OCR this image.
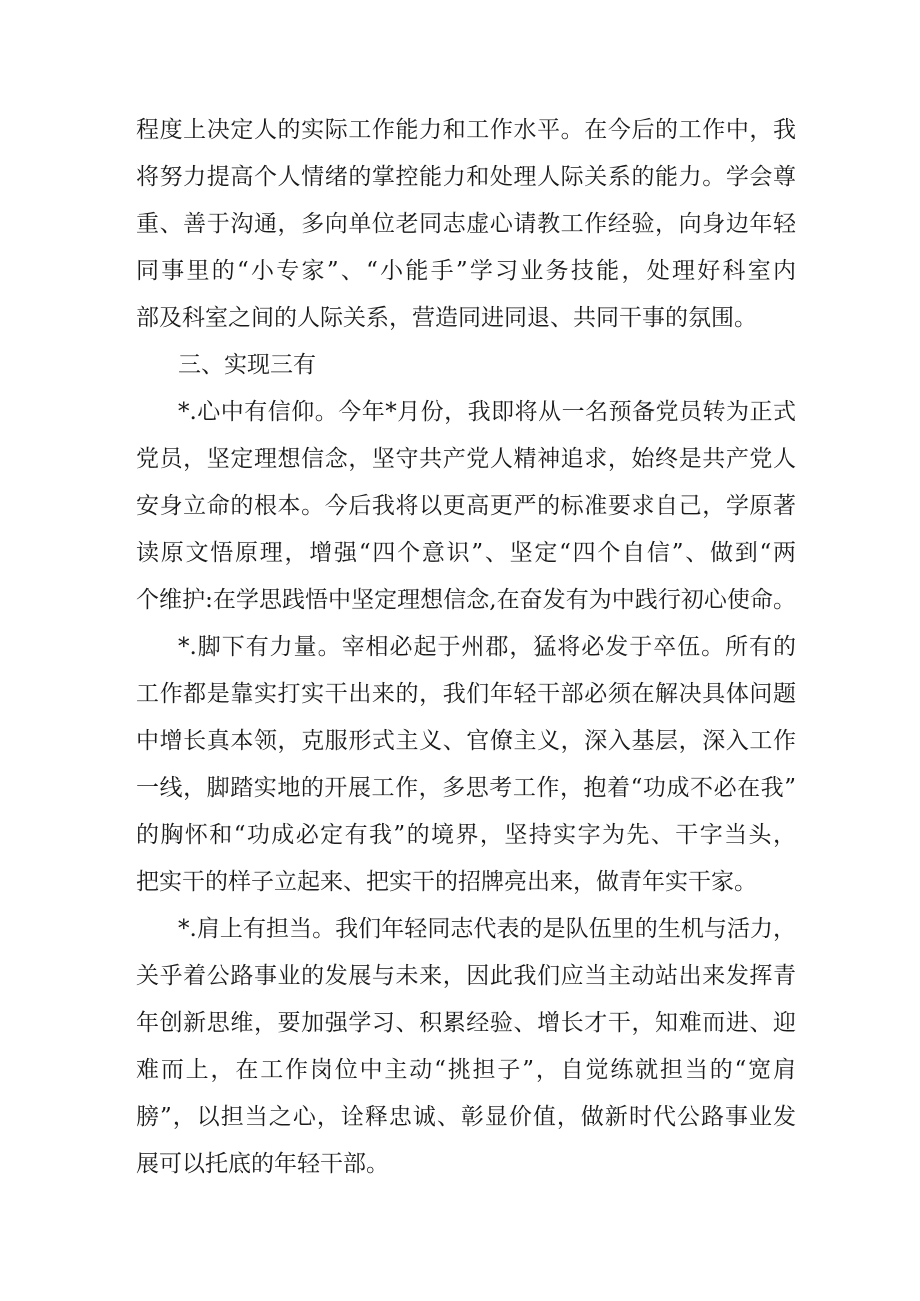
程度上决定人的实际工作能力和工作水平。在今后的工作中，我
将努力提高个人情绪的掌控能力和处理人际关系的能力。学会尊
重、善于沟通，多向单位老同志虚心请教工作经验，向身边年轻
同事里的“小专家”、“小能手”学习业务技能，处理好科室内
部及科室之间的人际关系，营造同进同退、共同干事的氛围。
三、实现三有
*.心中有信仰。今年*月份，我即将从一名预备党员转为正式
党员，坚定理想信念，坚守共产党人精神追求，始终是共产党人
安身立命的根本。今后我将以更高更严的标准要求自己，学原著
读原文悟原理，增强“四个意识”、坚定“四个自信”、做到“两
个维护:在学思践悟中坚定理想信念,在奋发有为中践行初心使命。
*.脚下有力量。宰相必起于州郡，猛将必发于卒伍。所有的
工作都是靠实打实干出来的，我们年轻干部必须在解决具体问题
中增长真本领，克服形式主义、官僚主义，深入基层，深入工作
一线，脚踏实地的开展工作，多思考工作，抱着“功成不必在我”
的胸怀和“功成必定有我”的境界，坚持实字为先、干字当头，
把实干的样子立起来、把实干的招牌亮出来，做青年实干家。
*.肩上有担当。我们年轻同志代表的是队伍里的生机与活力，
关乎着公路事业的发展与未来，因此我们应当主动站出来发挥青
年创新思维，要加强学习、积累经验、增长才干，知难而进、迎
难而上，在工作岗位中主动“挑担子”，自觉练就担当的“宽肩
膀”，以担当之心，诠释忠诚、彰显价值，做新时代公路事业发
展可以托底的年轻干部。
